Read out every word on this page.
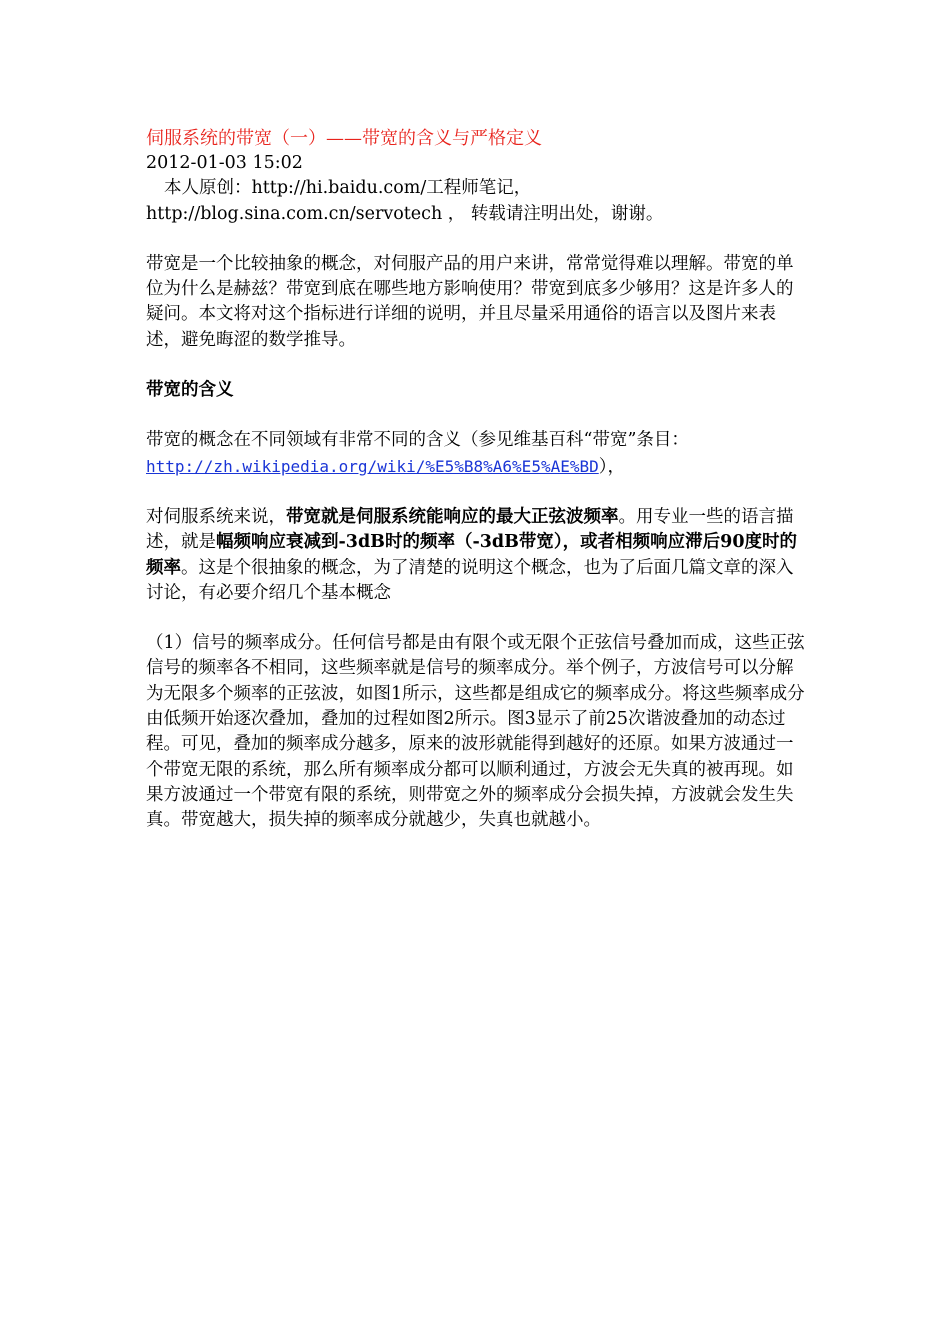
伺服系统的带宽（一）——带宽的含义与严格定义
2012-01-03 15:02
本人原创：http://hi.baidu.com/工程师笔记，
http://blog.sina.com.cn/servotech ， 转载请注明出处，谢谢。
带宽是一个比较抽象的概念，对伺服产品的用户来讲，常常觉得难以理解。带宽的单位为什么是赫兹？带宽到底在哪些地方影响使用？带宽到底多少够用？这是许多人的疑问。本文将对这个指标进行详细的说明，并且尽量采用通俗的语言以及图片来表述，避免晦涩的数学推导。
带宽的含义
带宽的概念在不同领域有非常不同的含义（参见维基百科“带宽”条目：
http://zh.wikipedia.org/wiki/%E5%B8%A6%E5%AE%BD），
对伺服系统来说，带宽就是伺服系统能响应的最大正弦波频率。用专业一些的语言描述，就是幅频响应衰减到-3dB时的频率（-3dB带宽），或者相频响应滞后90度时的频率。这是个很抽象的概念，为了清楚的说明这个概念，也为了后面几篇文章的深入讨论，有必要介绍几个基本概念
（1）信号的频率成分。任何信号都是由有限个或无限个正弦信号叠加而成，这些正弦信号的频率各不相同，这些频率就是信号的频率成分。举个例子，方波信号可以分解为无限多个频率的正弦波，如图1所示，这些都是组成它的频率成分。将这些频率成分由低频开始逐次叠加，叠加的过程如图2所示。图3显示了前25次谐波叠加的动态过程。可见，叠加的频率成分越多，原来的波形就能得到越好的还原。如果方波通过一个带宽无限的系统，那么所有频率成分都可以顺利通过，方波会无失真的被再现。如果方波通过一个带宽有限的系统，则带宽之外的频率成分会损失掉，方波就会发生失真。带宽越大，损失掉的频率成分就越少，失真也就越小。
